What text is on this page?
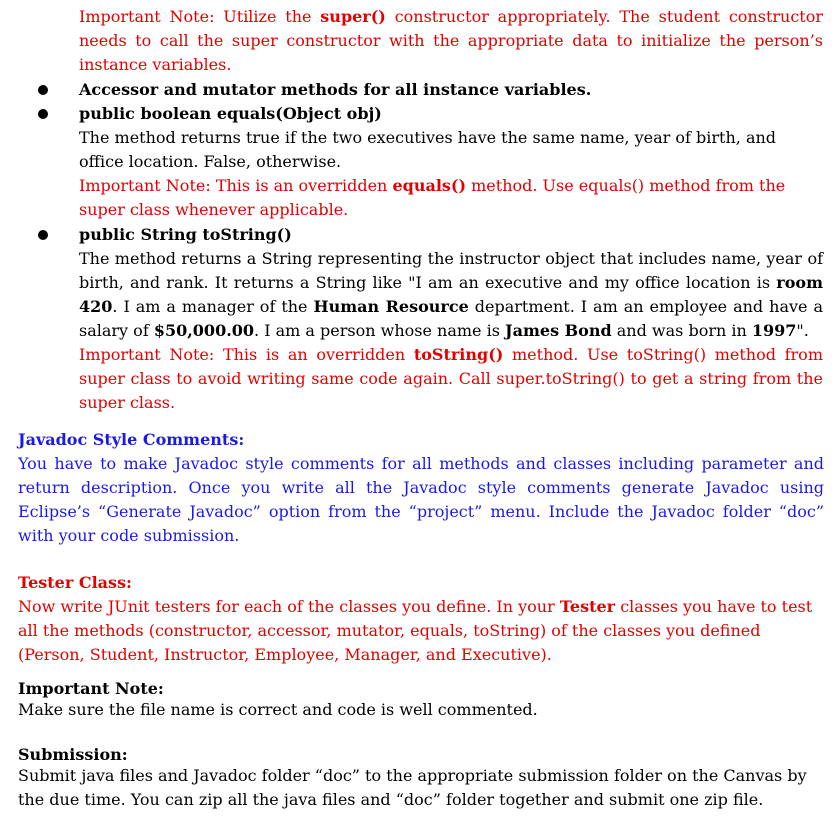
Important Note: Utilize the super() constructor appropriately. The student constructor needs to call the super constructor with the appropriate data to initialize the person’s instance variables.
Accessor and mutator methods for all instance variables.
public boolean equals(Object obj)
The method returns true if the two executives have the same name, year of birth, and office location. False, otherwise.
Important Note: This is an overridden equals() method. Use equals() method from the super class whenever applicable.
public String toString()
The method returns a String representing the instructor object that includes name, year of birth, and rank. It returns a String like "I am an executive and my office location is room 420. I am a manager of the Human Resource department. I am an employee and have a salary of $50,000.00. I am a person whose name is James Bond and was born in 1997".
Important Note: This is an overridden toString() method. Use toString() method from super class to avoid writing same code again. Call super.toString() to get a string from the super class.
Javadoc Style Comments:
You have to make Javadoc style comments for all methods and classes including parameter and return description. Once you write all the Javadoc style comments generate Javadoc using Eclipse’s “Generate Javadoc” option from the “project” menu. Include the Javadoc folder “doc” with your code submission.
Tester Class:
Now write JUnit testers for each of the classes you define. In your Tester classes you have to test all the methods (constructor, accessor, mutator, equals, toString) of the classes you defined (Person, Student, Instructor, Employee, Manager, and Executive).
Important Note:
Make sure the file name is correct and code is well commented.
Submission:
Submit java files and Javadoc folder “doc” to the appropriate submission folder on the Canvas by the due time. You can zip all the java files and “doc” folder together and submit one zip file.
